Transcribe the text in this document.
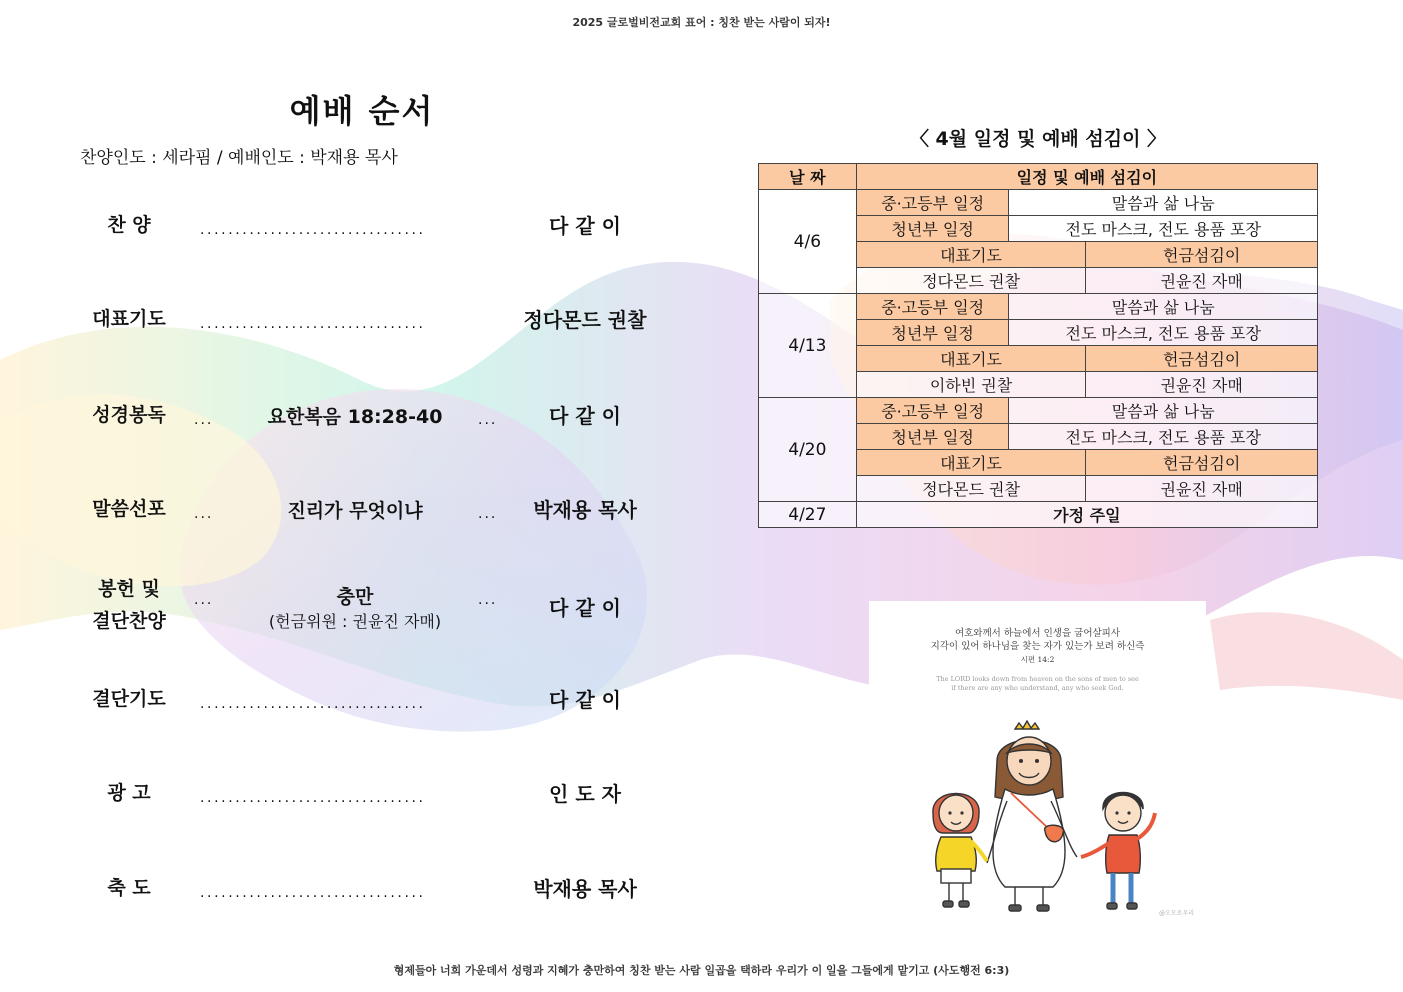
2025 글로벌비전교회 표어 : 칭찬 받는 사람이 되자!
예배 순서
찬양인도 : 세라핌 / 예배인도 : 박재용 목사
찬 양	································	다 같 이
대표기도	································	정다몬드 권찰
성경봉독	···	요한복음 18:28-40	···	다 같 이
말씀선포	···	진리가 무엇이냐	···	박재용 목사
봉헌 및
결단찬양
···	충만
(헌금위원 : 권윤진 자매)
···	다 같 이
결단기도	································	다 같 이
광 고	································	인 도 자
축 도	································	박재용 목사
〈 4월 일정 및 예배 섬김이 〉
날 짜	일정 및 예배 섬김이		
4/6	중·고등부 일정	말씀과 삶 나눔	
	청년부 일정	전도 마스크, 전도 용품 포장	
	대표기도		헌금섬김이
	정다몬드 권찰		권윤진 자매
4/13	중·고등부 일정	말씀과 삶 나눔	
	청년부 일정	전도 마스크, 전도 용품 포장	
	대표기도		헌금섬김이
	이하빈 권찰		권윤진 자매
4/20	중·고등부 일정	말씀과 삶 나눔	
	청년부 일정	전도 마스크, 전도 용품 포장	
	대표기도		헌금섬김이
	정다몬드 권찰		권윤진 자매
4/27	가정 주일		
여호와께서 하늘에서 인생을 굽어살피사
지각이 있어 하나님을 찾는 자가 있는가 보려 하신즉
시편 14:2
The LORD looks down from heaven on the sons of men to see
if there are any who understand, any who seek God.
@오모로우리
형제들아 너희 가운데서 성령과 지혜가 충만하여 칭찬 받는 사람 일곱을 택하라 우리가 이 일을 그들에게 맡기고 (사도행전 6:3)
